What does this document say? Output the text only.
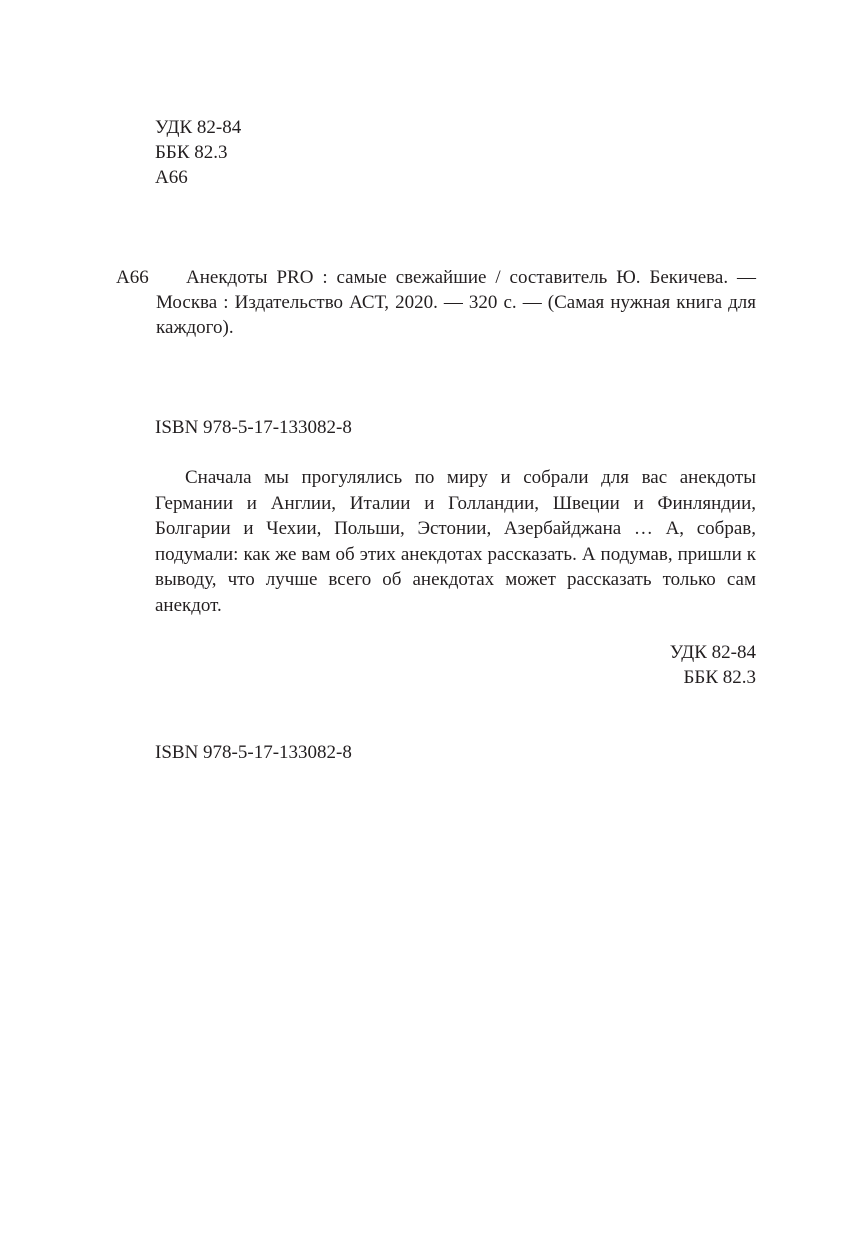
УДК 82-84
ББК 82.3
А66
А66	Анекдоты PRO : самые свежайшие / составитель Ю. Бекичева. — Москва : Издательство АСТ, 2020. — 320 с. — (Самая нужная книга для каждого).
ISBN 978-5-17-133082-8
Сначала мы прогулялись по миру и собрали для вас анекдоты Германии и Англии, Италии и Голландии, Швеции и Финляндии, Болгарии и Чехии, Польши, Эстонии, Азербайджана … А, собрав, подумали: как же вам об этих анекдотах рассказать. А подумав, пришли к выводу, что лучше всего об анекдотах может рассказать только сам анекдот.
УДК 82-84
ББК 82.3
ISBN 978-5-17-133082-8
